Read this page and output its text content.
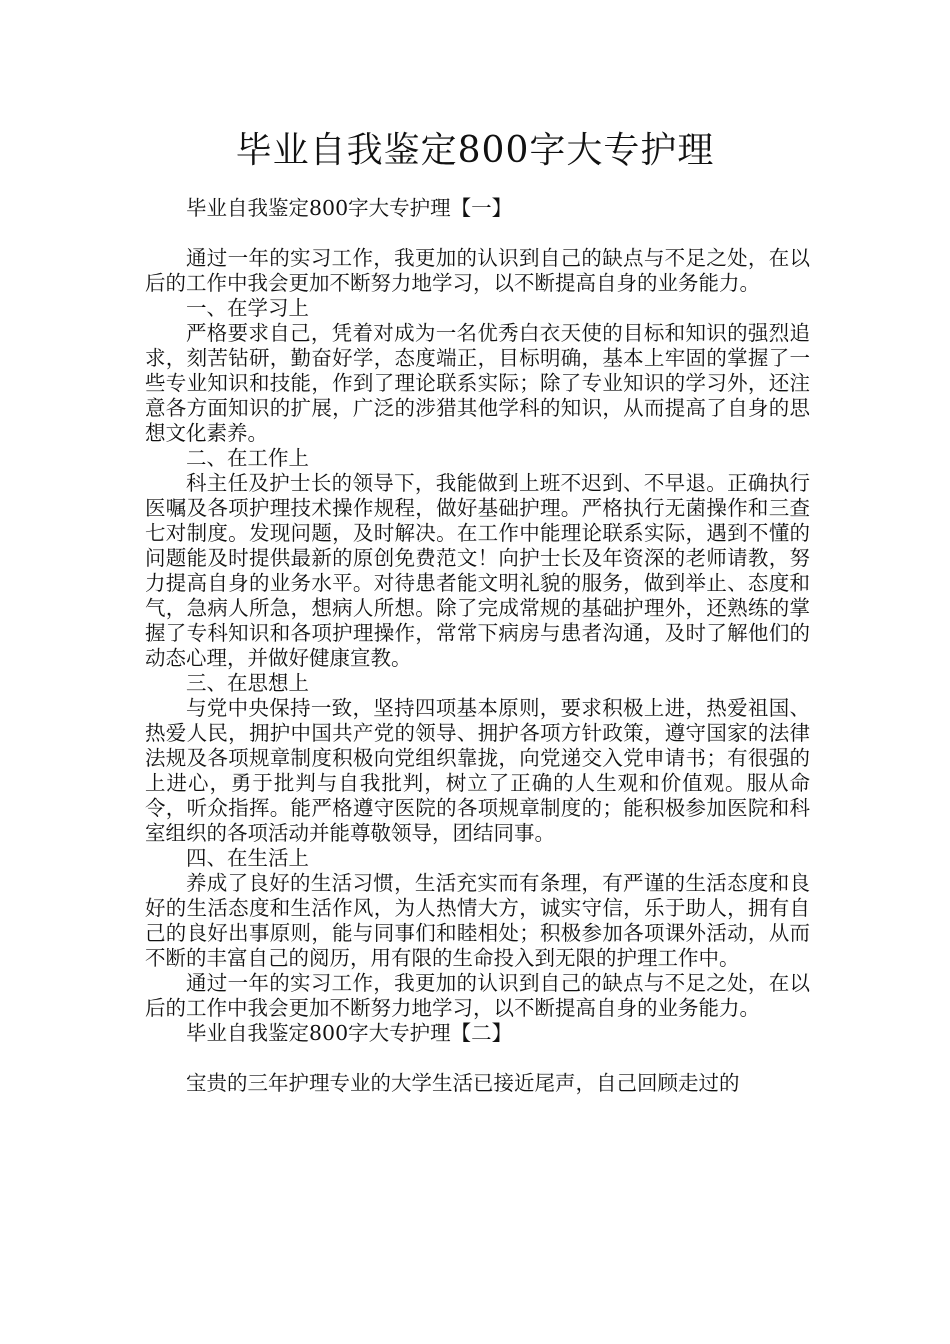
毕业自我鉴定800字大专护理
毕业自我鉴定800字大专护理【一】

通过一年的实习工作，我更加的认识到自己的缺点与不足之处，在以后的工作中我会更加不断努力地学习，以不断提高自身的业务能力。

一、在学习上

严格要求自己，凭着对成为一名优秀白衣天使的目标和知识的强烈追求，刻苦钻研，勤奋好学，态度端正，目标明确，基本上牢固的掌握了一些专业知识和技能，作到了理论联系实际；除了专业知识的学习外，还注意各方面知识的扩展，广泛的涉猎其他学科的知识，从而提高了自身的思想文化素养。

二、在工作上

科主任及护士长的领导下，我能做到上班不迟到、不早退。正确执行医嘱及各项护理技术操作规程，做好基础护理。严格执行无菌操作和三查七对制度。发现问题，及时解决。在工作中能理论联系实际，遇到不懂的问题能及时提供最新的原创免费范文！向护士长及年资深的老师请教，努力提高自身的业务水平。对待患者能文明礼貌的服务，做到举止、态度和气，急病人所急，想病人所想。除了完成常规的基础护理外，还熟练的掌握了专科知识和各项护理操作，常常下病房与患者沟通，及时了解他们的动态心理，并做好健康宣教。

三、在思想上

与党中央保持一致，坚持四项基本原则，要求积极上进，热爱祖国、热爱人民，拥护中国共产党的领导、拥护各项方针政策，遵守国家的法律法规及各项规章制度积极向党组织靠拢，向党递交入党申请书；有很强的上进心，勇于批判与自我批判，树立了正确的人生观和价值观。服从命令，听众指挥。能严格遵守医院的各项规章制度的；能积极参加医院和科室组织的各项活动并能尊敬领导，团结同事。

四、在生活上

养成了良好的生活习惯，生活充实而有条理，有严谨的生活态度和良好的生活态度和生活作风，为人热情大方，诚实守信，乐于助人，拥有自己的良好出事原则，能与同事们和睦相处；积极参加各项课外活动，从而不断的丰富自己的阅历，用有限的生命投入到无限的护理工作中。

通过一年的实习工作，我更加的认识到自己的缺点与不足之处，在以后的工作中我会更加不断努力地学习，以不断提高自身的业务能力。

毕业自我鉴定800字大专护理【二】

宝贵的三年护理专业的大学生活已接近尾声，自己回顾走过的
